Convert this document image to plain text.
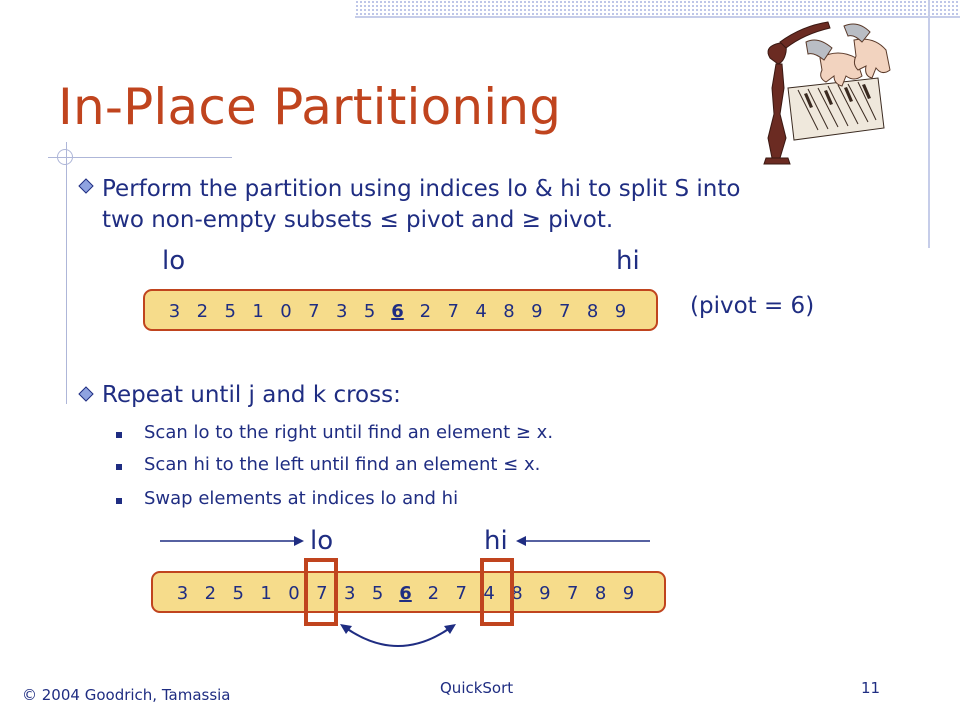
In-Place Partitioning
Perform the partition using indices lo & hi to split S into
two non-empty subsets ≤ pivot and ≥ pivot.
lo	hi
3 2 5 1 0 7 3 5 6 2 7 4 8 9 7 8 9	(pivot = 6)
Repeat until j and k cross:
Scan lo to the right until find an element ≥ x.
Scan hi to the left until find an element ≤ x.
Swap elements at indices lo and hi
lo	hi
3 2 5 1 0 7 3 5 6 2 7 4 8 9 7 8 9
© 2004 Goodrich, Tamassia	QuickSort	11
